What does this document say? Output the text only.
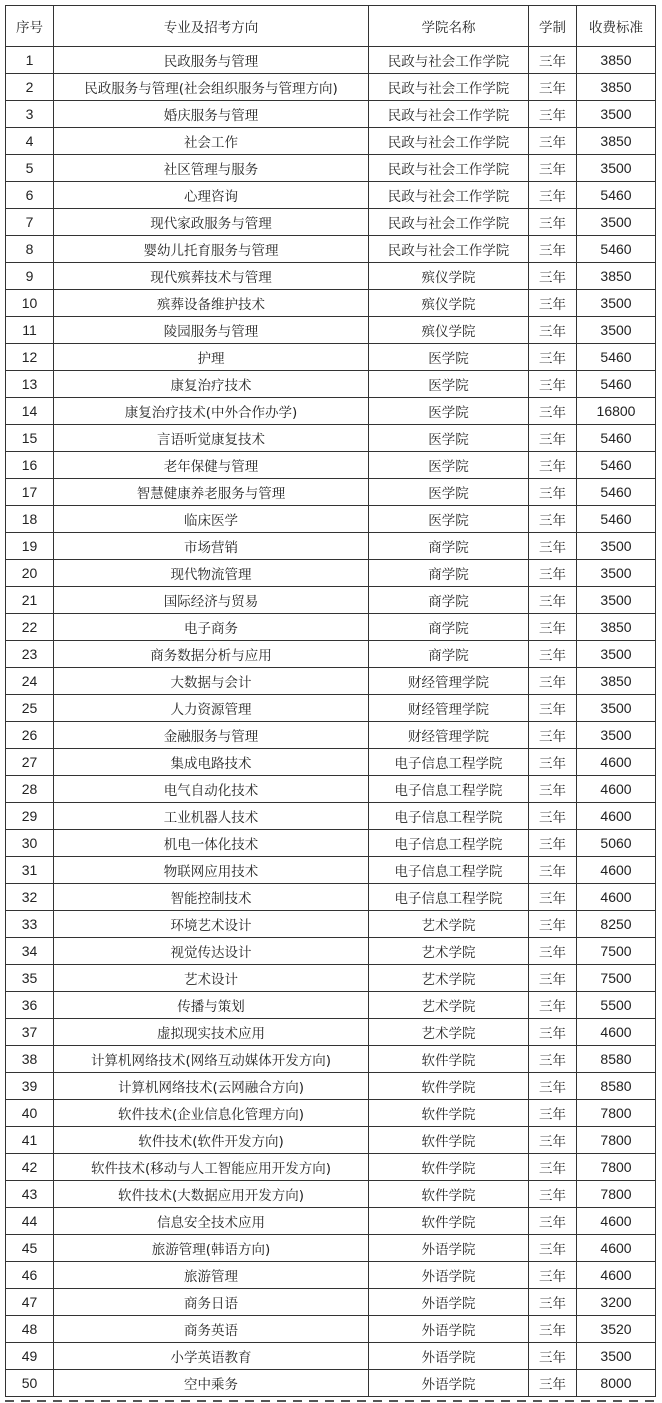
序号	专业及招考方向	学院名称	学制	收费标准
1	民政服务与管理	民政与社会工作学院	三年	3850
2	民政服务与管理(社会组织服务与管理方向)	民政与社会工作学院	三年	3850
3	婚庆服务与管理	民政与社会工作学院	三年	3500
4	社会工作	民政与社会工作学院	三年	3850
5	社区管理与服务	民政与社会工作学院	三年	3500
6	心理咨询	民政与社会工作学院	三年	5460
7	现代家政服务与管理	民政与社会工作学院	三年	3500
8	婴幼儿托育服务与管理	民政与社会工作学院	三年	5460
9	现代殡葬技术与管理	殡仪学院	三年	3850
10	殡葬设备维护技术	殡仪学院	三年	3500
11	陵园服务与管理	殡仪学院	三年	3500
12	护理	医学院	三年	5460
13	康复治疗技术	医学院	三年	5460
14	康复治疗技术(中外合作办学)	医学院	三年	16800
15	言语听觉康复技术	医学院	三年	5460
16	老年保健与管理	医学院	三年	5460
17	智慧健康养老服务与管理	医学院	三年	5460
18	临床医学	医学院	三年	5460
19	市场营销	商学院	三年	3500
20	现代物流管理	商学院	三年	3500
21	国际经济与贸易	商学院	三年	3500
22	电子商务	商学院	三年	3850
23	商务数据分析与应用	商学院	三年	3500
24	大数据与会计	财经管理学院	三年	3850
25	人力资源管理	财经管理学院	三年	3500
26	金融服务与管理	财经管理学院	三年	3500
27	集成电路技术	电子信息工程学院	三年	4600
28	电气自动化技术	电子信息工程学院	三年	4600
29	工业机器人技术	电子信息工程学院	三年	4600
30	机电一体化技术	电子信息工程学院	三年	5060
31	物联网应用技术	电子信息工程学院	三年	4600
32	智能控制技术	电子信息工程学院	三年	4600
33	环境艺术设计	艺术学院	三年	8250
34	视觉传达设计	艺术学院	三年	7500
35	艺术设计	艺术学院	三年	7500
36	传播与策划	艺术学院	三年	5500
37	虚拟现实技术应用	艺术学院	三年	4600
38	计算机网络技术(网络互动媒体开发方向)	软件学院	三年	8580
39	计算机网络技术(云网融合方向)	软件学院	三年	8580
40	软件技术(企业信息化管理方向)	软件学院	三年	7800
41	软件技术(软件开发方向)	软件学院	三年	7800
42	软件技术(移动与人工智能应用开发方向)	软件学院	三年	7800
43	软件技术(大数据应用开发方向)	软件学院	三年	7800
44	信息安全技术应用	软件学院	三年	4600
45	旅游管理(韩语方向)	外语学院	三年	4600
46	旅游管理	外语学院	三年	4600
47	商务日语	外语学院	三年	3200
48	商务英语	外语学院	三年	3520
49	小学英语教育	外语学院	三年	3500
50	空中乘务	外语学院	三年	8000
